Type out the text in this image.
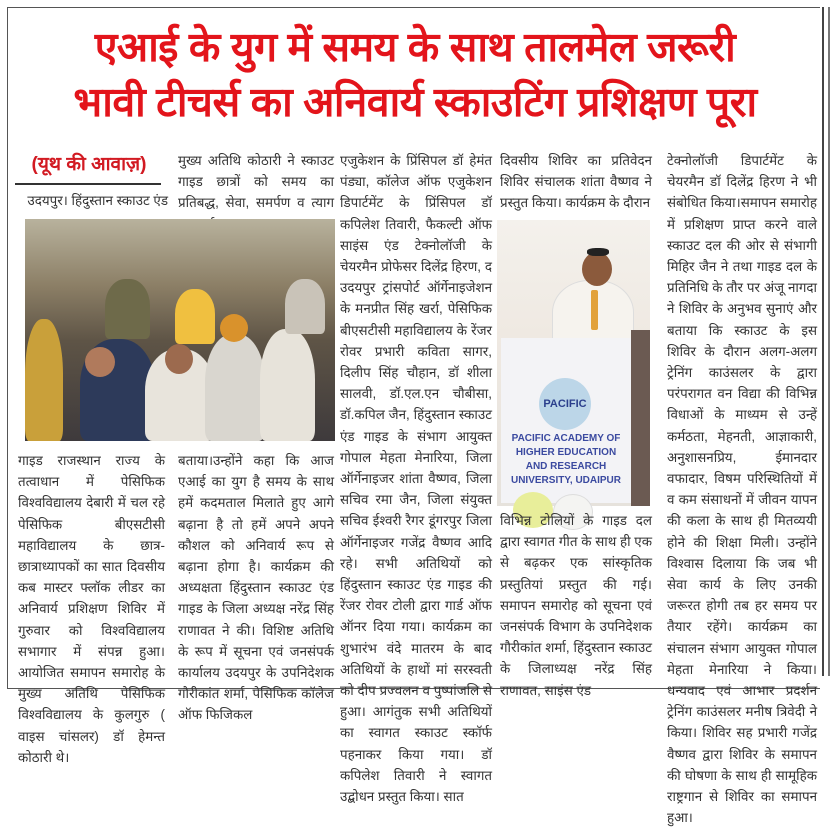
एआई के युग में समय के साथ तालमेल जरूरी
भावी टीचर्स का अनिवार्य स्काउटिंग प्रशिक्षण पूरा
(यूथ की आवाज़)
उदयपुर। हिंदुस्तान स्काउट एंड
मुख्य अतिथि कोठारी ने स्काउट गाइड छात्रों को समय का प्रतिबद्ध, सेवा, समर्पण व त्याग
गाइड राजस्थान राज्य के तत्वाधान में पेसिफिक विश्वविद्यालय देबारी में चल रहे पेसिफिक बीएसटीसी महाविद्यालय के छात्र-छात्राध्यापकों का सात दिवसीय कब मास्टर फ्लॉक लीडर का अनिवार्य प्रशिक्षण शिविर में गुरुवार को विश्वविद्यालय सभागार में संपन्न हुआ।आयोजित समापन समारोह के मुख्य अतिथि पेसिफिक विश्वविद्यालय के कुलगुरु ( वाइस चांसलर) डॉ हेमन्त कोठारी थे।
बताया।उन्होंने कहा कि आज एआई का युग है समय के साथ हमें कदमताल मिलाते हुए आगे बढ़ाना है तो हमें अपने अपने कौशल को अनिवार्य रूप से बढ़ाना होगा है। कार्यक्रम की अध्यक्षता हिंदुस्तान स्काउट एंड गाइड के जिला अध्यक्ष नरेंद्र सिंह राणावत ने की। विशिष्ट अतिथि के रूप में सूचना एवं जनसंपर्क कार्यालय उदयपुर के उपनिदेशक गौरीकांत शर्मा, पेसिफिक कॉलेज ऑफ फिजिकल
एजुकेशन के प्रिंसिपल डॉ हेमंत पंड्या, कॉलेज ऑफ एजुकेशन डिपार्टमेंट के प्रिंसिपल डॉ कपिलेश तिवारी, फैकल्टी ऑफ साइंस एंड टेक्नोलॉजी के चेयरमैन प्रोफेसर दिलेंद्र हिरण, द उदयपुर ट्रांसपोर्ट ऑर्गेनाइजेशन के मनप्रीत सिंह खर्रा, पेसिफिक बीएसटीसी महाविद्यालय के रेंजर रोवर प्रभारी कविता सागर, दिलीप सिंह चौहान, डॉ शीला सालवी, डॉ.एल.एन चौबीसा, डॉ.कपिल जैन, हिंदुस्तान स्काउट एंड गाइड के संभाग आयुक्त गोपाल मेहता मेनारिया, जिला ऑर्गेनाइजर शांता वैष्णव, जिला सचिव रमा जैन, जिला संयुक्त सचिव ईश्वरी रैगर डूंगरपुर जिला ऑर्गेनाइजर गजेंद्र वैष्णव आदि रहे। सभी अतिथियों को हिंदुस्तान स्काउट एंड गाइड की रेंजर रोवर टोली द्वारा गार्ड ऑफ ऑनर दिया गया। कार्यक्रम का शुभारंभ वंदे मातरम के बाद अतिथियों के हाथों मां सरस्वती को दीप प्रज्वलन व पुष्पांजलि से हुआ। आगंतुक सभी अतिथियों का स्वागत स्काउट स्कॉर्फ पहनाकर किया गया। डॉ कपिलेश तिवारी ने स्वागत उद्बोधन प्रस्तुत किया। सात
दिवसीय शिविर का प्रतिवेदन शिविर संचालक शांता वैष्णव ने प्रस्तुत किया। कार्यक्रम के दौरान
PACIFIC
PACIFIC ACADEMY OF
HIGHER EDUCATION
AND RESEARCH
UNIVERSITY, UDAIPUR
विभिन्न टोलियों के गाइड दल द्वारा स्वागत गीत के साथ ही एक से बढ़कर एक सांस्कृतिक प्रस्तुतियां प्रस्तुत की गई। समापन समारोह को सूचना एवं जनसंपर्क विभाग के उपनिदेशक गौरीकांत शर्मा, हिंदुस्तान स्काउट के जिलाध्यक्ष नरेंद्र सिंह राणावत, साइंस एंड
टेक्नोलॉजी डिपार्टमेंट के चेयरमैन डॉ दिलेंद्र हिरण ने भी संबोधित किया।समापन समारोह में प्रशिक्षण प्राप्त करने वाले स्काउट दल की ओर से संभागी मिहिर जैन ने तथा गाइड दल के प्रतिनिधि के तौर पर अंजू नागदा ने शिविर के अनुभव सुनाएं और बताया कि स्काउट के इस शिविर के दौरान अलग-अलग ट्रेनिंग काउंसलर के द्वारा परंपरागत वन विद्या की विभिन्न विधाओं के माध्यम से उन्हें कर्मठता, मेहनती, आज्ञाकारी, अनुशासनप्रिय, ईमानदार वफादार, विषम परिस्थितियों में व कम संसाधनों में जीवन यापन की कला के साथ ही मितव्ययी होने की शिक्षा मिली। उन्होंने विश्वास दिलाया कि जब भी सेवा कार्य के लिए उनकी जरूरत होगी तब हर समय पर तैयार रहेंगे। कार्यक्रम का संचालन संभाग आयुक्त गोपाल मेहता मेनारिया ने किया। धन्यवाद एवं आभार प्रदर्शन ट्रेनिंग काउंसलर मनीष त्रिवेदी ने किया। शिविर सह प्रभारी गजेंद्र वैष्णव द्वारा शिविर के समापन की घोषणा के साथ ही सामूहिक राष्ट्रगान से शिविर का समापन हुआ।
